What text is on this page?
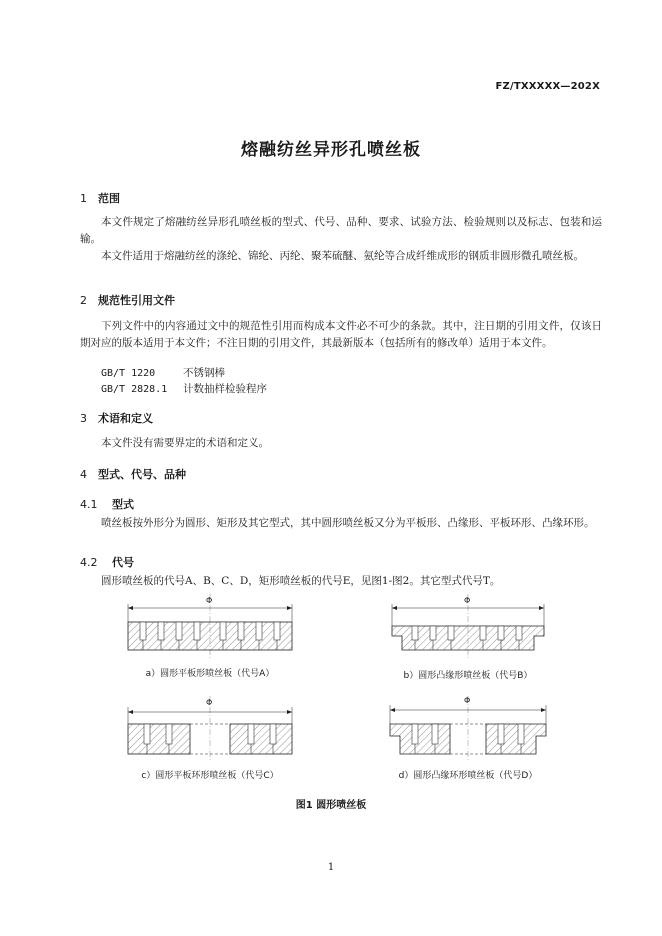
FZ/TXXXXX—202X
熔融纺丝异形孔喷丝板
1 范围
本文件规定了熔融纺丝异形孔喷丝板的型式、代号、品种、要求、试验方法、检验规则以及标志、包装和运输。
本文件适用于熔融纺丝的涤纶、锦纶、丙纶、聚苯硫醚、氨纶等合成纤维成形的钢质非圆形微孔喷丝板。
2 规范性引用文件
下列文件中的内容通过文中的规范性引用而构成本文件必不可少的条款。其中，注日期的引用文件，仅该日期对应的版本适用于本文件；不注日期的引用文件，其最新版本（包括所有的修改单）适用于本文件。
GB/T 1220	不锈钢棒
GB/T 2828.1 计数抽样检验程序
3 术语和定义
本文件没有需要界定的术语和定义。
4 型式、代号、品种
4.1 型式
喷丝板按外形分为圆形、矩形及其它型式，其中圆形喷丝板又分为平板形、凸缘形、平板环形、凸缘环形。
4.2 代号
圆形喷丝板的代号A、B、C、D，矩形喷丝板的代号E，见图1-图2。其它型式代号T。
Φ
a）圆形平板形喷丝板（代号A）
Φ
b）圆形凸缘形喷丝板（代号B）
Φ
c）圆形平板环形喷丝板（代号C）
Φ
d）圆形凸缘环形喷丝板（代号D）
图1 圆形喷丝板
1
